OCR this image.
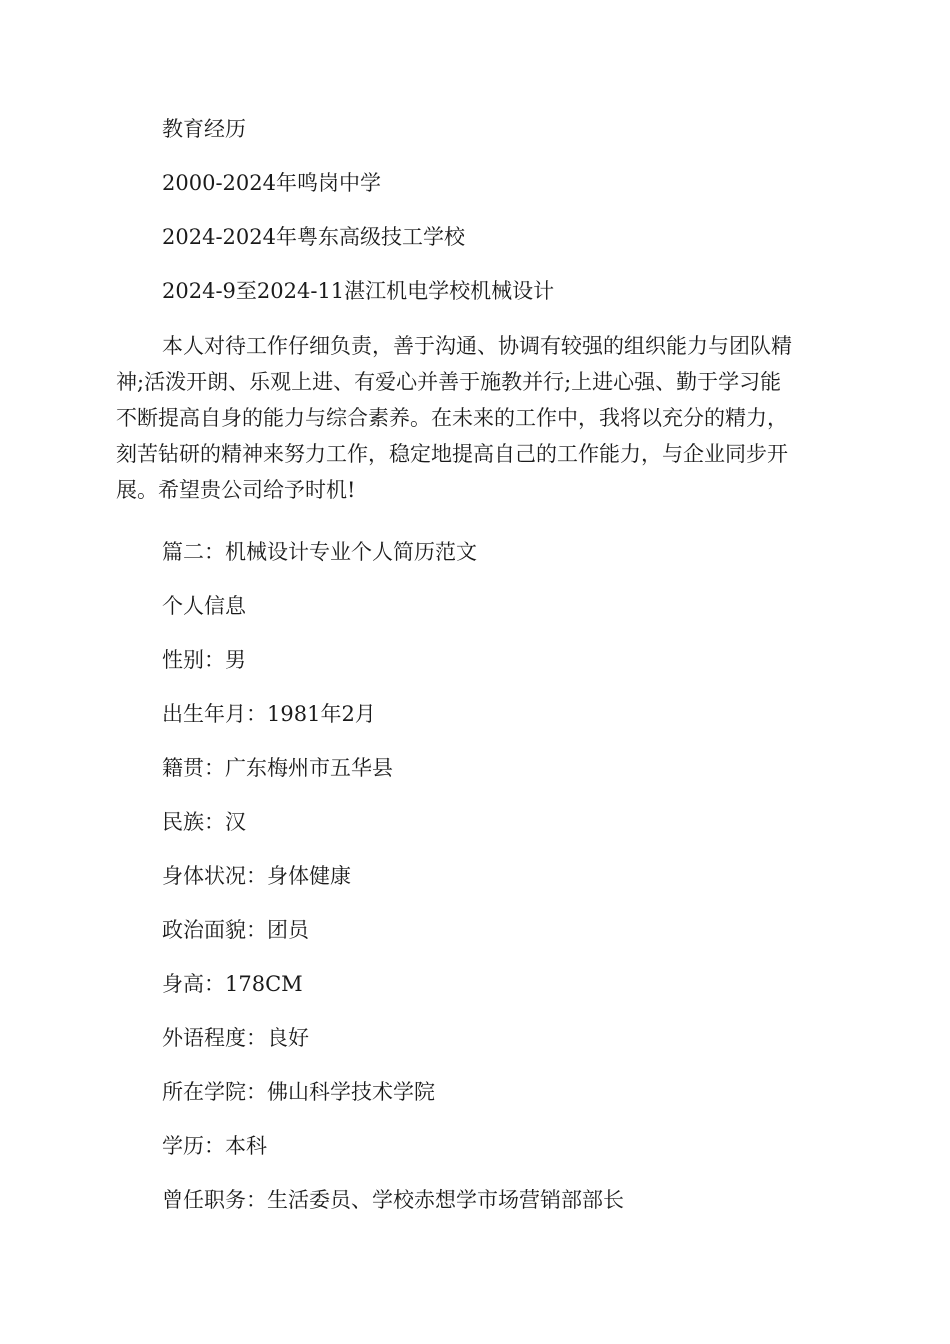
教育经历
2000-2024年鸣岗中学
2024-2024年粤东高级技工学校
2024-9至2024-11湛江机电学校机械设计
本人对待工作仔细负责，善于沟通、协调有较强的组织能力与团队精
神;活泼开朗、乐观上进、有爱心并善于施教并行;上进心强、勤于学习能
不断提高自身的能力与综合素养。在未来的工作中，我将以充分的精力，
刻苦钻研的精神来努力工作，稳定地提高自己的工作能力，与企业同步开
展。希望贵公司给予时机!
篇二：机械设计专业个人简历范文
个人信息
性别：男
出生年月：1981年2月
籍贯：广东梅州市五华县
民族：汉
身体状况：身体健康
政治面貌：团员
身高：178CM
外语程度：良好
所在学院：佛山科学技术学院
学历：本科
曾任职务：生活委员、学校赤想学市场营销部部长
